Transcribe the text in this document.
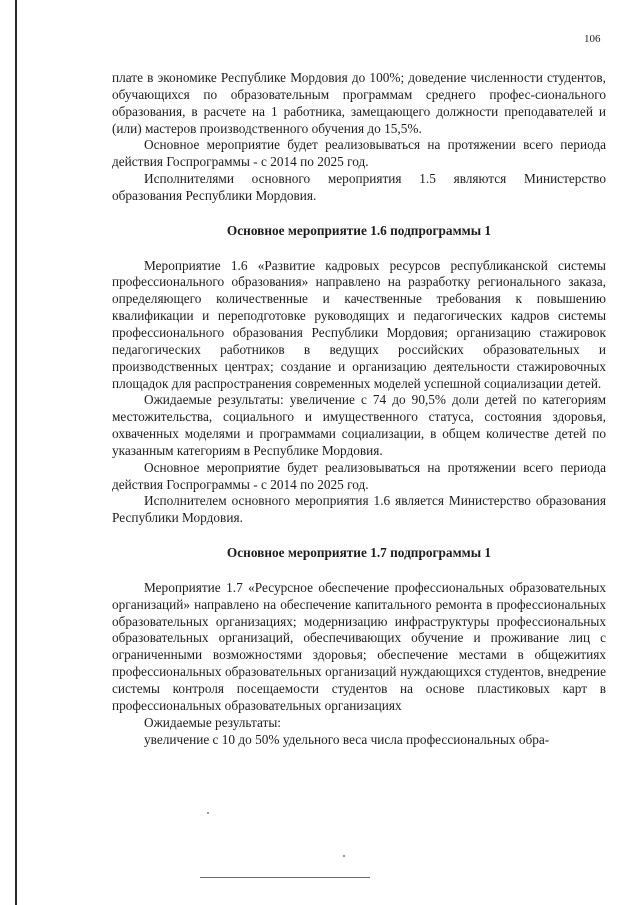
106

плате в экономике Республике Мордовия до 100%; доведение численности студентов, обучающихся по образовательным программам среднего профес-сионального образования, в расчете на 1 работника, замещающего должности преподавателей и (или) мастеров производственного обучения до 15,5%.

Основное мероприятие будет реализовываться на протяжении всего периода действия Госпрограммы - с 2014 по 2025 год.

Исполнителями основного мероприятия 1.5 являются Министерство образования Республики Мордовия.

Основное мероприятие 1.6 подпрограммы 1

Мероприятие 1.6 «Развитие кадровых ресурсов республиканской системы профессионального образования» направлено на разработку регионального заказа, определяющего количественные и качественные требования к повышению квалификации и переподготовке руководящих и педагогических кадров системы профессионального образования Республики Мордовия; организацию стажировок педагогических работников в ведущих российских образовательных и производственных центрах; создание и организацию деятельности стажировочных площадок для распространения современных моделей успешной социализации детей.

Ожидаемые результаты: увеличение с 74 до 90,5% доли детей по категориям местожительства, социального и имущественного статуса, состояния здоровья, охваченных моделями и программами социализации, в общем количестве детей по указанным категориям в Республике Мордовия.

Основное мероприятие будет реализовываться на протяжении всего периода действия Госпрограммы - с 2014 по 2025 год.

Исполнителем основного мероприятия 1.6 является Министерство образования Республики Мордовия.

Основное мероприятие 1.7 подпрограммы 1

Мероприятие 1.7 «Ресурсное обеспечение профессиональных образовательных организаций» направлено на обеспечение капитального ремонта в профессиональных образовательных организациях; модернизацию инфраструктуры профессиональных образовательных организаций, обеспечивающих обучение и проживание лиц с ограниченными возможностями здоровья; обеспечение местами в общежитиях профессиональных образовательных организаций нуждающихся студентов, внедрение системы контроля посещаемости студентов на основе пластиковых карт в профессиональных образовательных организациях

Ожидаемые результаты:

увеличение с 10 до 50% удельного веса числа профессиональных обра-
